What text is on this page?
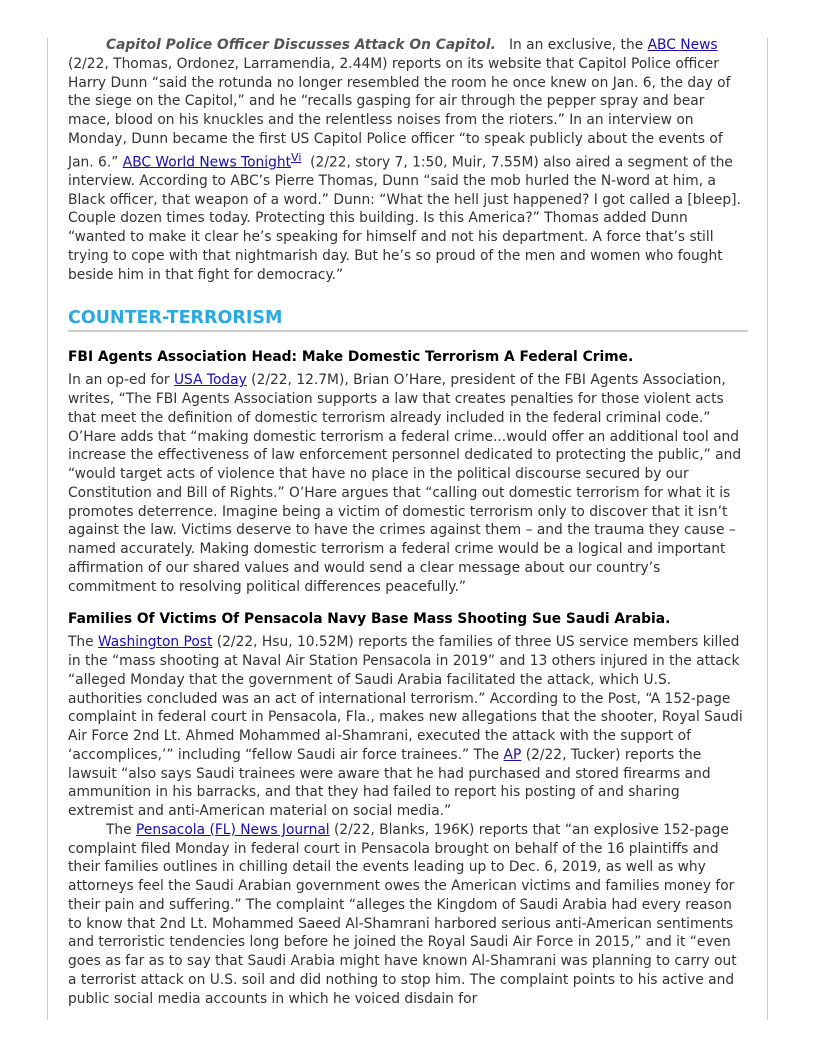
Capitol Police Officer Discusses Attack On Capitol.   In an exclusive, the ABC News (2/22, Thomas, Ordonez, Larramendia, 2.44M) reports on its website that Capitol Police officer Harry Dunn “said the rotunda no longer resembled the room he once knew on Jan. 6, the day of the siege on the Capitol,” and he “recalls gasping for air through the pepper spray and bear mace, blood on his knuckles and the relentless noises from the rioters.” In an interview on Monday, Dunn became the first US Capitol Police officer “to speak publicly about the events of Jan. 6.” ABC World News Tonight$^{Vi}$  (2/22, story 7, 1:50, Muir, 7.55M) also aired a segment of the interview. According to ABC’s Pierre Thomas, Dunn “said the mob hurled the N-word at him, a Black officer, that weapon of a word.” Dunn: “What the hell just happened? I got called a [bleep]. Couple dozen times today. Protecting this building. Is this America?” Thomas added Dunn “wanted to make it clear he’s speaking for himself and not his department. A force that’s still trying to cope with that nightmarish day. But he’s so proud of the men and women who fought beside him in that fight for democracy.”

COUNTER-TERRORISM
FBI Agents Association Head: Make Domestic Terrorism A Federal Crime.

In an op-ed for USA Today (2/22, 12.7M), Brian O’Hare, president of the FBI Agents Association, writes, “The FBI Agents Association supports a law that creates penalties for those violent acts that meet the definition of domestic terrorism already included in the federal criminal code.” O’Hare adds that “making domestic terrorism a federal crime...would offer an additional tool and increase the effectiveness of law enforcement personnel dedicated to protecting the public,” and “would target acts of violence that have no place in the political discourse secured by our Constitution and Bill of Rights.” O’Hare argues that “calling out domestic terrorism for what it is promotes deterrence. Imagine being a victim of domestic terrorism only to discover that it isn’t against the law. Victims deserve to have the crimes against them – and the trauma they cause – named accurately. Making domestic terrorism a federal crime would be a logical and important affirmation of our shared values and would send a clear message about our country’s commitment to resolving political differences peacefully.”

Families Of Victims Of Pensacola Navy Base Mass Shooting Sue Saudi Arabia.

The Washington Post (2/22, Hsu, 10.52M) reports the families of three US service members killed in the “mass shooting at Naval Air Station Pensacola in 2019” and 13 others injured in the attack “alleged Monday that the government of Saudi Arabia facilitated the attack, which U.S. authorities concluded was an act of international terrorism.” According to the Post, “A 152-page complaint in federal court in Pensacola, Fla., makes new allegations that the shooter, Royal Saudi Air Force 2nd Lt. Ahmed Mohammed al-Shamrani, executed the attack with the support of ‘accomplices,’” including “fellow Saudi air force trainees.” The AP (2/22, Tucker) reports the lawsuit “also says Saudi trainees were aware that he had purchased and stored firearms and ammunition in his barracks, and that they had failed to report his posting of and sharing extremist and anti-American material on social media.”

The Pensacola (FL) News Journal (2/22, Blanks, 196K) reports that “an explosive 152-page complaint filed Monday in federal court in Pensacola brought on behalf of the 16 plaintiffs and their families outlines in chilling detail the events leading up to Dec. 6, 2019, as well as why attorneys feel the Saudi Arabian government owes the American victims and families money for their pain and suffering.” The complaint “alleges the Kingdom of Saudi Arabia had every reason to know that 2nd Lt. Mohammed Saeed Al-Shamrani harbored serious anti-American sentiments and terroristic tendencies long before he joined the Royal Saudi Air Force in 2015,” and it “even goes as far as to say that Saudi Arabia might have known Al-Shamrani was planning to carry out a terrorist attack on U.S. soil and did nothing to stop him. The complaint points to his active and public social media accounts in which he voiced disdain for
